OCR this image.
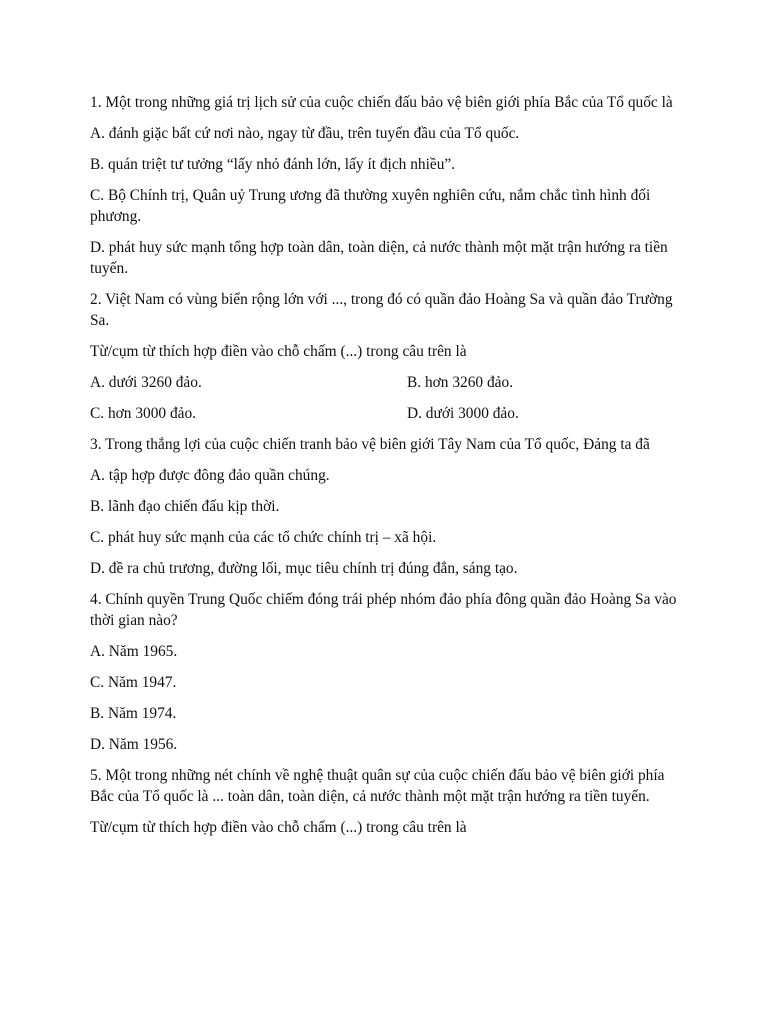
1. Một trong những giá trị lịch sử của cuộc chiến đấu bảo vệ biên giới phía Bắc của Tổ quốc là

A. đánh giặc bất cứ nơi nào, ngay từ đầu, trên tuyến đầu của Tổ quốc.

B. quán triệt tư tưởng “lấy nhỏ đánh lớn, lấy ít địch nhiều”.

C. Bộ Chính trị, Quân uỷ Trung ương đã thường xuyên nghiên cứu, nắm chắc tình hình đối phương.

D. phát huy sức mạnh tổng hợp toàn dân, toàn diện, cả nước thành một mặt trận hướng ra tiền tuyến.

2. Việt Nam có vùng biển rộng lớn với ..., trong đó có quần đảo Hoàng Sa và quần đảo Trường Sa.

Từ/cụm từ thích hợp điền vào chỗ chấm (...) trong câu trên là

A. dưới 3260 đảo.	B. hơn 3260 đảo.
C. hơn 3000 đảo.	D. dưới 3000 đảo.

3. Trong thắng lợi của cuộc chiến tranh bảo vệ biên giới Tây Nam của Tổ quốc, Đảng ta đã

A. tập hợp được đông đảo quần chúng.

B. lãnh đạo chiến đấu kịp thời.

C. phát huy sức mạnh của các tổ chức chính trị – xã hội.

D. đề ra chủ trương, đường lối, mục tiêu chính trị đúng đắn, sáng tạo.

4. Chính quyền Trung Quốc chiếm đóng trái phép nhóm đảo phía đông quần đảo Hoàng Sa vào thời gian nào?

A. Năm 1965.

C. Năm 1947.

B. Năm 1974.

D. Năm 1956.

5. Một trong những nét chính về nghệ thuật quân sự của cuộc chiến đấu bảo vệ biên giới phía Bắc của Tổ quốc là ... toàn dân, toàn diện, cả nước thành một mặt trận hướng ra tiền tuyến.

Từ/cụm từ thích hợp điền vào chỗ chấm (...) trong câu trên là
